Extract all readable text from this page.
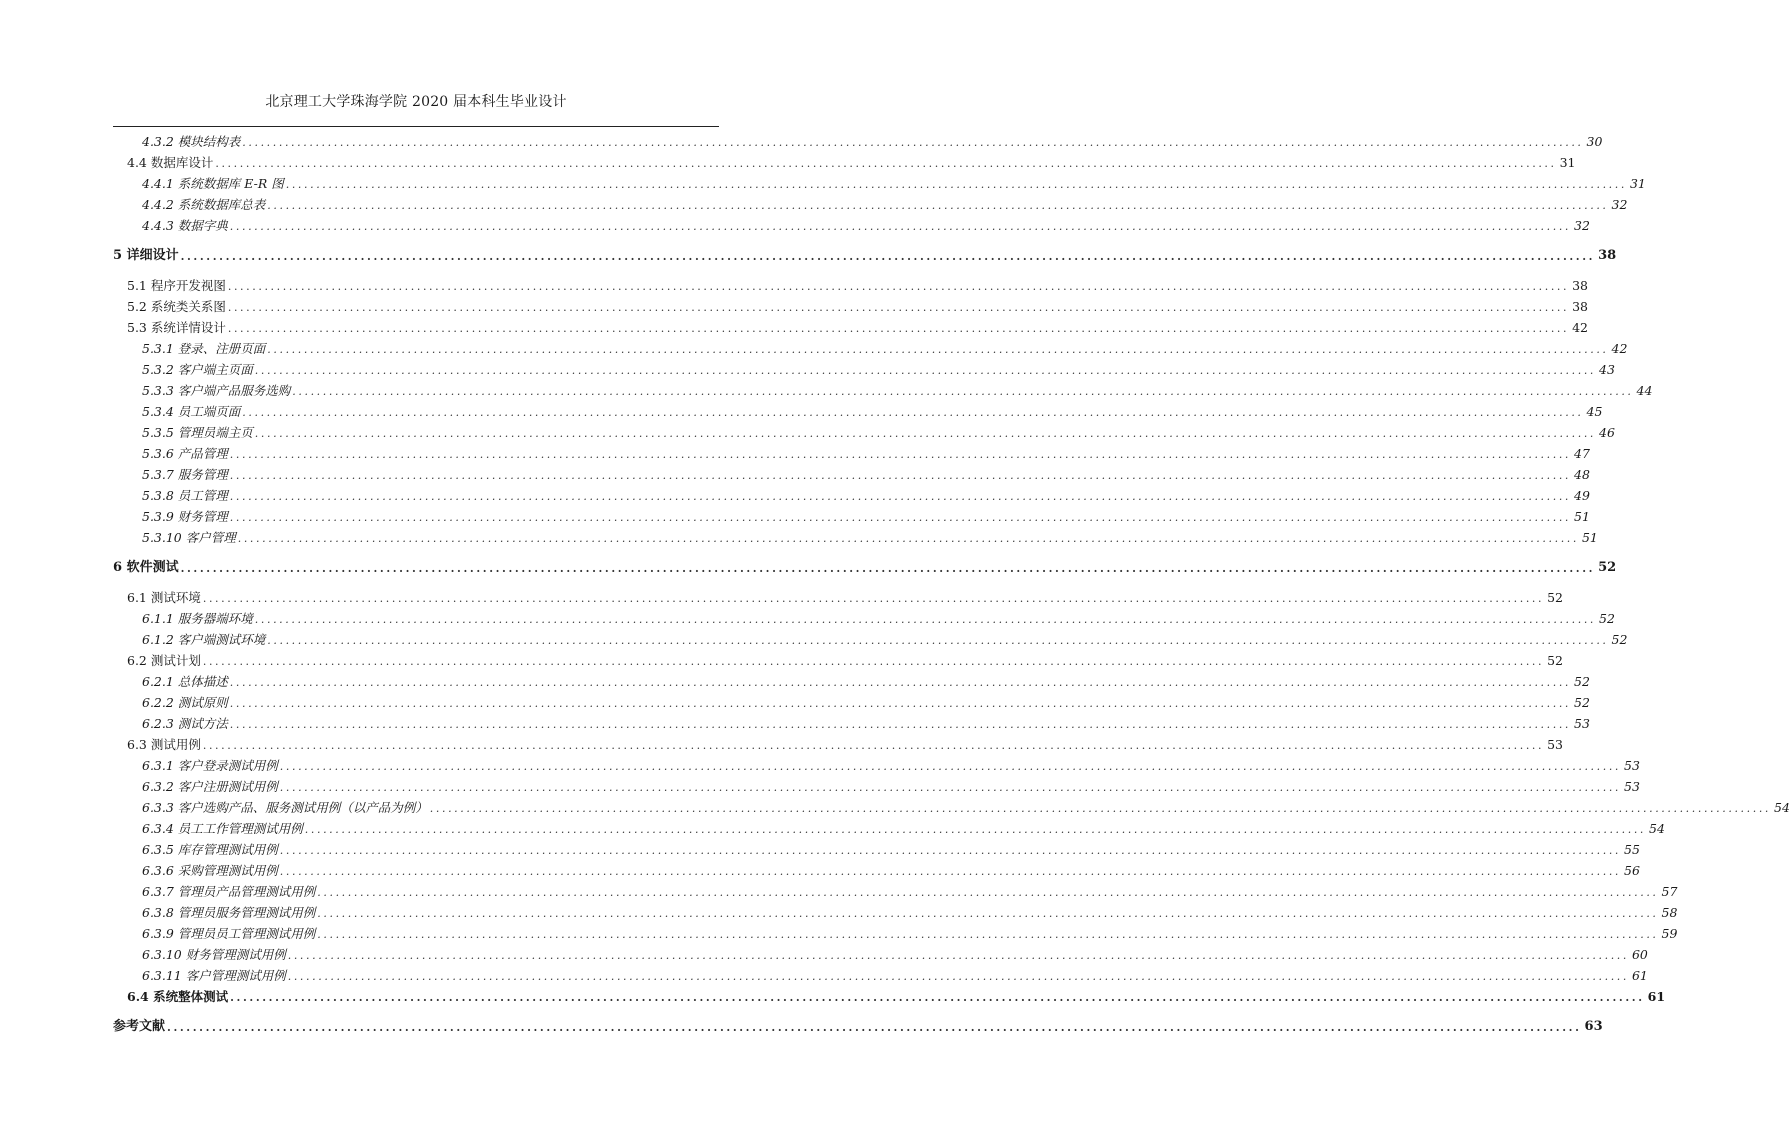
北京理工大学珠海学院 2020 届本科生毕业设计
4.3.2 模块结构表 ............................................................................................................................................................................................................................ 30
4.4 数据库设计 ............................................................................................................................................................................................................................ 31
4.4.1 系统数据库 E-R 图 ............................................................................................................................................................................................................................ 31
4.4.2 系统数据库总表 ............................................................................................................................................................................................................................ 32
4.4.3 数据字典 ............................................................................................................................................................................................................................ 32
5 详细设计 ............................................................................................................................................................................................................................ 38
5.1 程序开发视图 ............................................................................................................................................................................................................................ 38
5.2 系统类关系图 ............................................................................................................................................................................................................................ 38
5.3 系统详情设计 ............................................................................................................................................................................................................................ 42
5.3.1 登录、注册页面 ............................................................................................................................................................................................................................ 42
5.3.2 客户端主页面 ............................................................................................................................................................................................................................ 43
5.3.3 客户端产品服务选购 ............................................................................................................................................................................................................................ 44
5.3.4 员工端页面 ............................................................................................................................................................................................................................ 45
5.3.5 管理员端主页 ............................................................................................................................................................................................................................ 46
5.3.6 产品管理 ............................................................................................................................................................................................................................ 47
5.3.7 服务管理 ............................................................................................................................................................................................................................ 48
5.3.8 员工管理 ............................................................................................................................................................................................................................ 49
5.3.9 财务管理 ............................................................................................................................................................................................................................ 51
5.3.10 客户管理 ............................................................................................................................................................................................................................ 51
6 软件测试 ............................................................................................................................................................................................................................ 52
6.1 测试环境 ............................................................................................................................................................................................................................ 52
6.1.1 服务器端环境 ............................................................................................................................................................................................................................ 52
6.1.2 客户端测试环境 ............................................................................................................................................................................................................................ 52
6.2 测试计划 ............................................................................................................................................................................................................................ 52
6.2.1 总体描述 ............................................................................................................................................................................................................................ 52
6.2.2 测试原则 ............................................................................................................................................................................................................................ 52
6.2.3 测试方法 ............................................................................................................................................................................................................................ 53
6.3 测试用例 ............................................................................................................................................................................................................................ 53
6.3.1 客户登录测试用例 ............................................................................................................................................................................................................................ 53
6.3.2 客户注册测试用例 ............................................................................................................................................................................................................................ 53
6.3.3 客户选购产品、服务测试用例（以产品为例） ............................................................................................................................................................................................................................ 54
6.3.4 员工工作管理测试用例 ............................................................................................................................................................................................................................ 54
6.3.5 库存管理测试用例 ............................................................................................................................................................................................................................ 55
6.3.6 采购管理测试用例 ............................................................................................................................................................................................................................ 56
6.3.7 管理员产品管理测试用例 ............................................................................................................................................................................................................................ 57
6.3.8 管理员服务管理测试用例 ............................................................................................................................................................................................................................ 58
6.3.9 管理员员工管理测试用例 ............................................................................................................................................................................................................................ 59
6.3.10 财务管理测试用例 ............................................................................................................................................................................................................................ 60
6.3.11 客户管理测试用例 ............................................................................................................................................................................................................................ 61
6.4 系统整体测试 ............................................................................................................................................................................................................................ 61
参考文献 ............................................................................................................................................................................................................................ 63
